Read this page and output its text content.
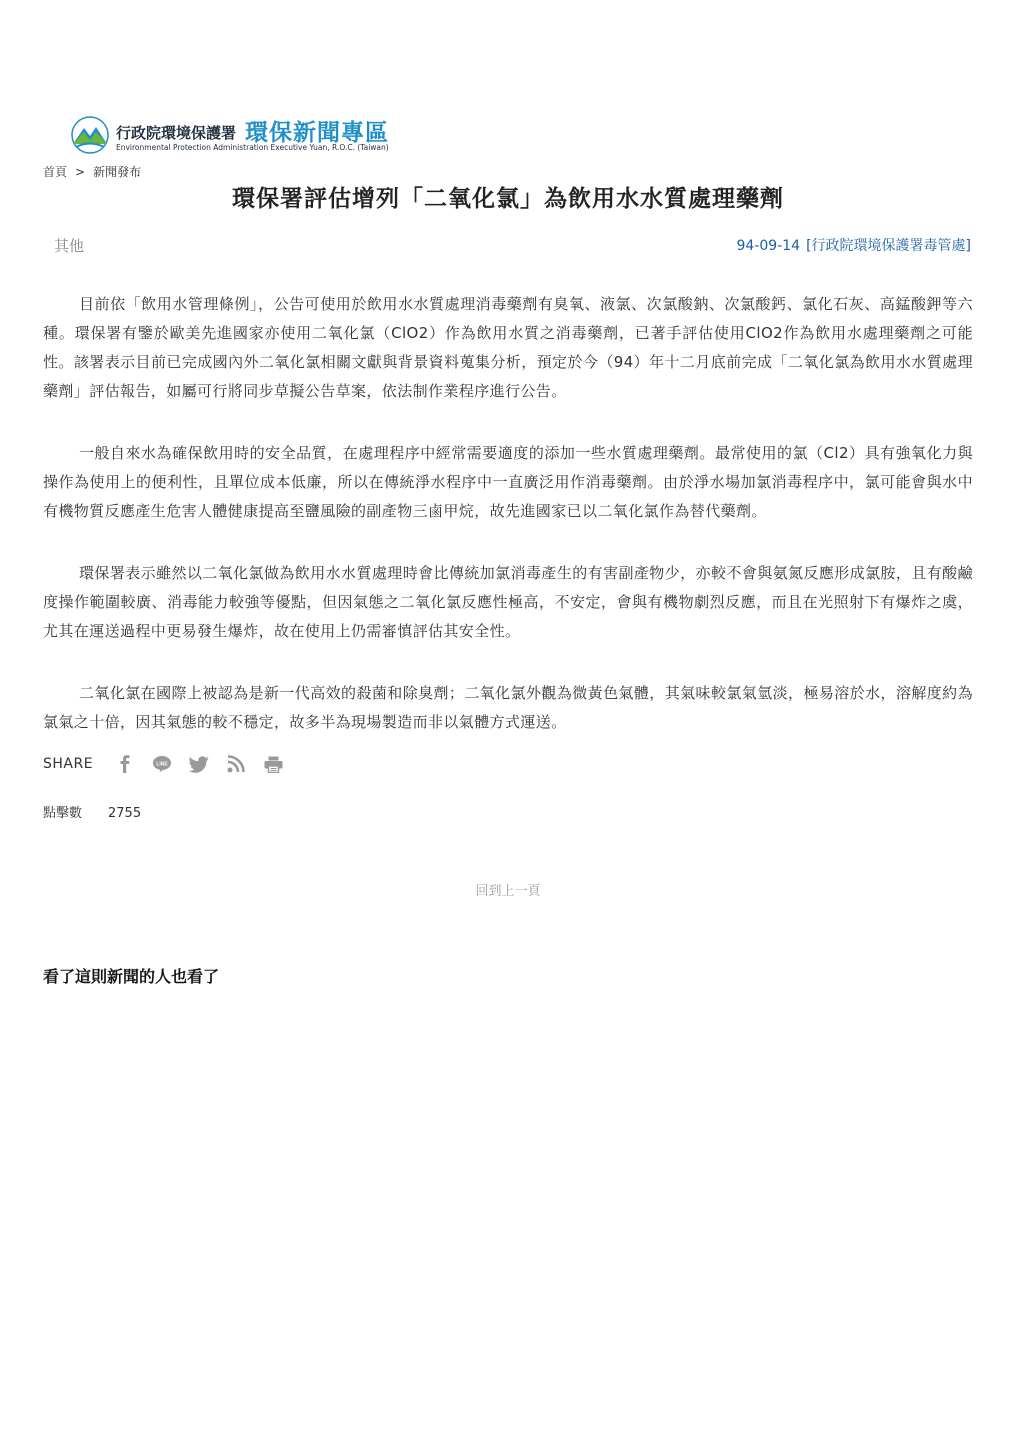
行政院環境保護署 環保新聞專區
Environmental Protection Administration Executive Yuan, R.O.C. (Taiwan)
首頁 > 新聞發布
環保署評估增列「二氧化氯」為飲用水水質處理藥劑
其他	94-09-14 [行政院環境保護署毒管處]

目前依「飲用水管理條例」，公告可使用於飲用水水質處理消毒藥劑有臭氧、液氯、次氯酸鈉、次氯酸鈣、氯化石灰、高錳酸鉀等六種。環保署有鑒於歐美先進國家亦使用二氧化氯（ClO2）作為飲用水質之消毒藥劑，已著手評估使用ClO2作為飲用水處理藥劑之可能性。該署表示目前已完成國內外二氧化氯相關文獻與背景資料蒐集分析，預定於今（94）年十二月底前完成「二氧化氯為飲用水水質處理藥劑」評估報告，如屬可行將同步草擬公告草案，依法制作業程序進行公告。

一般自來水為確保飲用時的安全品質，在處理程序中經常需要適度的添加一些水質處理藥劑。最常使用的氯（Cl2）具有強氧化力與操作為使用上的便利性，且單位成本低廉，所以在傳統淨水程序中一直廣泛用作消毒藥劑。由於淨水場加氯消毒程序中，氯可能會與水中有機物質反應產生危害人體健康提高至鹽風險的副產物三鹵甲烷，故先進國家已以二氧化氯作為替代藥劑。

環保署表示雖然以二氧化氯做為飲用水水質處理時會比傳統加氯消毒產生的有害副產物少，亦較不會與氨氮反應形成氯胺，且有酸鹼度操作範圍較廣、消毒能力較強等優點，但因氣態之二氧化氯反應性極高，不安定，會與有機物劇烈反應，而且在光照射下有爆炸之虞，尤其在運送過程中更易發生爆炸，故在使用上仍需審慎評估其安全性。

二氧化氯在國際上被認為是新一代高效的殺菌和除臭劑；二氧化氯外觀為微黃色氣體，其氣味較氯氣氫淡，極易溶於水，溶解度約為氯氣之十倍，因其氣態的較不穩定，故多半為現場製造而非以氣體方式運送。

SHARE	LINE
點擊數 2755
回到上一頁
看了這則新聞的人也看了
